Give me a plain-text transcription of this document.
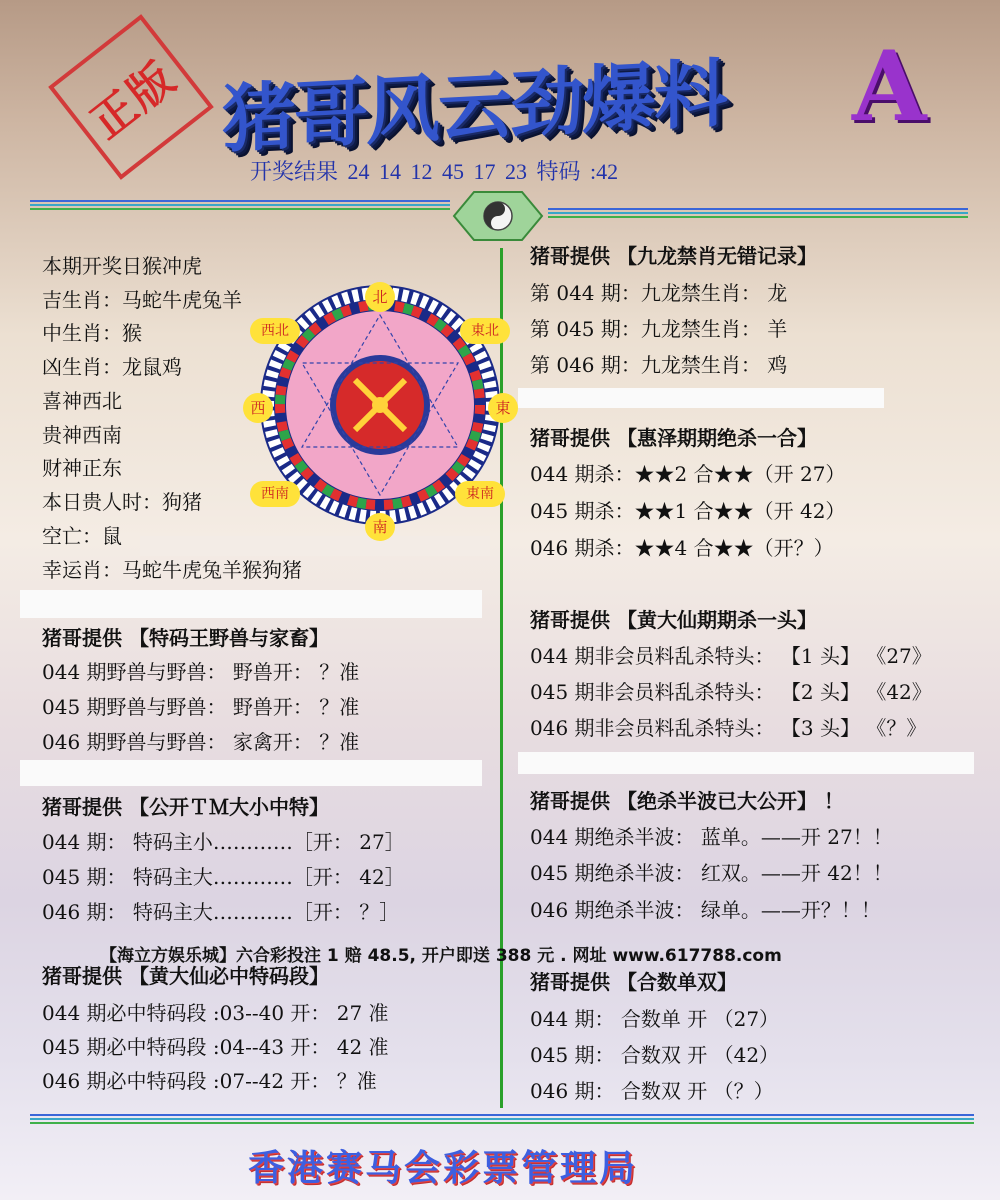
正版 猪哥风云劲爆料 A
开奖结果 24 14 12 45 17 23 特码 :42
本期开奖日猴冲虎
吉生肖：马蛇牛虎兔羊
中生肖：猴
凶生肖：龙鼠鸡
喜神西北
贵神西南
财神正东
本日贵人时：狗猪
空亡：鼠
幸运肖：马蛇牛虎兔羊猴狗猪
北
南
東
西
西北	東北
西南	東南
猪哥提供 【特码王野兽与家畜】
044 期野兽与野兽： 野兽开： ？准
045 期野兽与野兽： 野兽开： ？准
046 期野兽与野兽： 家禽开： ？准
猪哥提供 【公开ＴＭ大小中特】
044 期： 特码主小…………［开： 27］
045 期： 特码主大…………［开： 42］
046 期： 特码主大…………［开： ？］
【海立方娱乐城】六合彩投注 1 赔 48.5, 开户即送 388 元 . 网址 www.617788.com
猪哥提供 【黄大仙必中特码段】
044 期必中特码段 :03--40 开： 27 准
045 期必中特码段 :04--43 开： 42 准
046 期必中特码段 :07--42 开： ？准
猪哥提供 【九龙禁肖无错记录】
第 044 期：九龙禁生肖： 龙
第 045 期：九龙禁生肖： 羊
第 046 期：九龙禁生肖： 鸡
猪哥提供 【惠泽期期绝杀一合】
044 期杀：★★2 合★★（开 27）
045 期杀：★★1 合★★（开 42）
046 期杀：★★4 合★★（开？）
猪哥提供 【黄大仙期期杀一头】
044 期非会员料乱杀特头： 【1 头】 《27》
045 期非会员料乱杀特头： 【2 头】 《42》
046 期非会员料乱杀特头： 【3 头】 《？》
猪哥提供 【绝杀半波已大公开】 ！
044 期绝杀半波： 蓝单。——开 27！！
045 期绝杀半波： 红双。——开 42！！
046 期绝杀半波： 绿单。——开？！！
猪哥提供 【合数单双】
044 期： 合数单 开 （27）
045 期： 合数双 开 （42）
046 期： 合数双 开 （？）
香港赛马会彩票管理局
